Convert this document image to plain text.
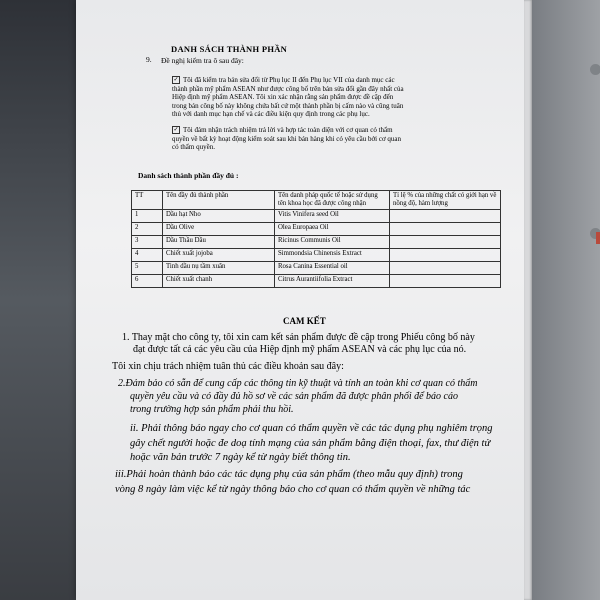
DANH SÁCH THÀNH PHẦN
9. Đề nghị kiểm tra ô sau đây:
✓ Tôi đã kiểm tra bản sửa đổi từ Phụ lục II đến Phụ lục VII của danh mục các
thành phần mỹ phẩm ASEAN như được công bố trên bản sửa đổi gần đây nhất của
Hiệp định mỹ phẩm ASEAN. Tôi xin xác nhận rằng sản phẩm được đề cập đến
trong bản công bố này không chứa bất cứ một thành phần bị cấm nào và cũng tuân
thủ với danh mục hạn chế và các điều kiện quy định trong các phụ lục.
✓ Tôi đảm nhận trách nhiệm trả lời và hợp tác toàn diện với cơ quan có thẩm
quyền về bất kỳ hoạt động kiểm soát sau khi bán hàng khi có yêu cầu bởi cơ quan
có thẩm quyền.
Danh sách thành phần đầy đủ :
TT	Tên đầy đủ thành phần	Tên danh pháp quốc tế hoặc sử dụng tên khoa học đã được công nhận	Tỉ lệ % của những chất có giới hạn về nồng độ, hàm lượng
1	Dầu hạt Nho	Vitis Vinifera seed Oil	
2	Dầu Olive	Olea Europaea Oil	
3	Dầu Thầu Dầu	Ricinus Communis Oil	
4	Chiết xuất jojoba	Simmondsia Chinensis Extract	
5	Tinh dầu nụ tầm xuân	Rosa Canina Essential oil	
6	Chiết xuất chanh	Citrus Aurantiifolia Extract	
CAM KẾT
1. Thay mặt cho công ty, tôi xin cam kết sản phẩm được đề cập trong Phiếu công bố này
đạt được tất cả các yêu cầu của Hiệp định mỹ phẩm ASEAN và các phụ lục của nó.
Tôi xin chịu trách nhiệm tuân thủ các điều khoản sau đây:
2.Đảm bảo có sẵn để cung cấp các thông tin kỹ thuật và tính an toàn khi cơ quan có thẩm
quyền yêu cầu và có đầy đủ hồ sơ về các sản phẩm đã được phân phối để báo cáo
trong trường hợp sản phẩm phải thu hồi.
ii. Phải thông báo ngay cho cơ quan có thẩm quyền về các tác dụng phụ nghiêm trọng
gây chết người hoặc đe doạ tính mạng của sản phẩm bằng điện thoại, fax, thư điện tử
hoặc văn bản trước 7 ngày kể từ ngày biết thông tin.
iii.Phải hoàn thành báo các tác dụng phụ của sản phẩm (theo mẫu quy định) trong
vòng 8 ngày làm việc kể từ ngày thông báo cho cơ quan có thẩm quyền về những tác
